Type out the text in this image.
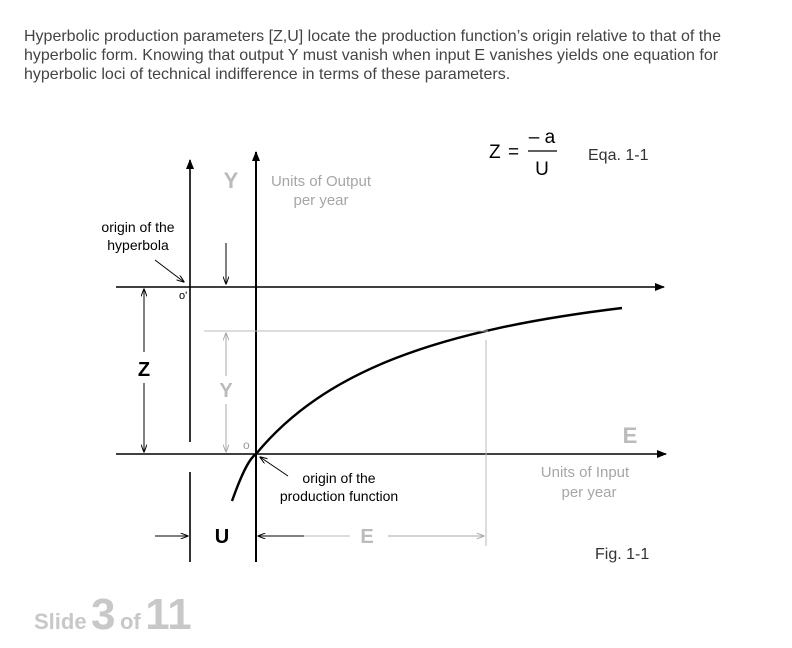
Hyperbolic production parameters [Z,U] locate the production function’s origin relative to that of the hyperbolic form. Knowing that output Y must vanish when input E vanishes yields one equation for hyperbolic loci of technical indifference in terms of these parameters.

Z =
– a
U
Eqa. 1-1
Z
Y
Y Units of Output
per year
origin of the
hyperbola
o'
o
origin of the
production function
E
Units of Input
per year
U	E
Fig. 1-1
Slide 3 of 11
